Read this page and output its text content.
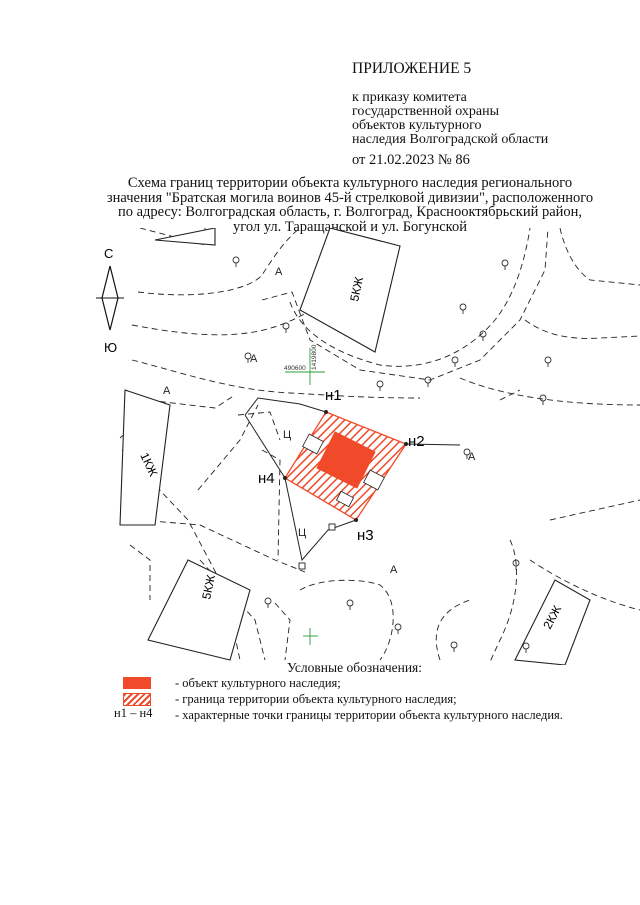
ПРИЛОЖЕНИЕ 5
к приказу комитета
государственной охраны
объектов культурного
наследия Волгоградской области
от 21.02.2023 № 86
Схема границ территории объекта культурного наследия регионального
значения "Братская могила воинов 45-й стрелковой дивизии", расположенного
по адресу: Волгоградская область, г. Волгоград, Краснооктябрьский район,
угол ул. Таращанской и ул. Богунской
С
Ю
5КЖ
1КЖ
5КЖ
2КЖ
н1
н2
н3
н4
А
А
А
А
А
Ц
Ц
490600 1419800
Условные обозначения:
- объект культурного наследия;
- граница территории объекта культурного наследия;
н1 – н4 - характерные точки границы территории объекта культурного наследия.
